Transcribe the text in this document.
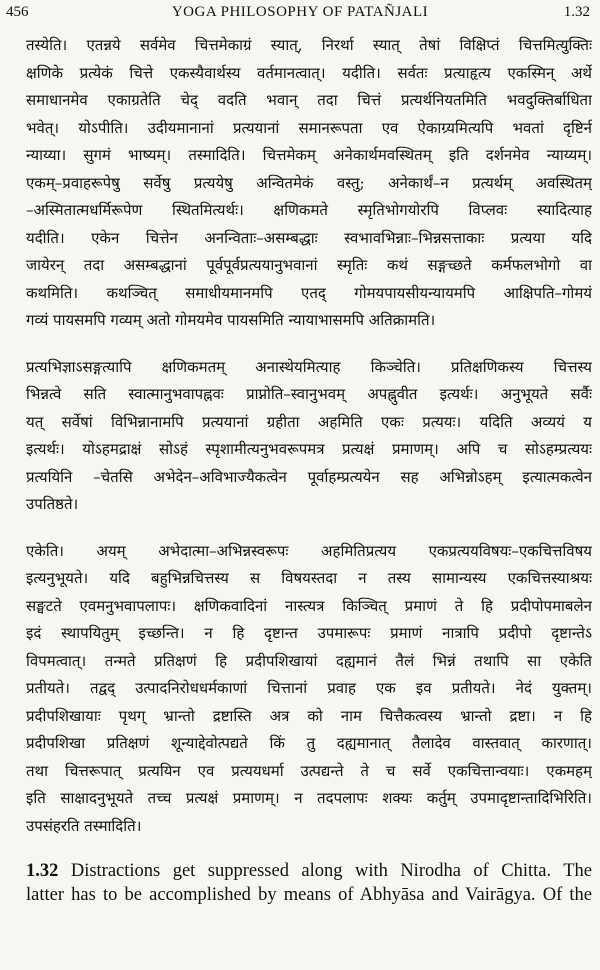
456	YOGA PHILOSOPHY OF PATAÑJALI	1.32
तस्येति। एतन्नये सर्वमेव चित्तमेकाग्रं स्यात्, निरर्था स्यात् तेषां विक्षिप्तं चित्तमित्युक्तिः
क्षणिके प्रत्येकं चित्ते एकस्यैवार्थस्य वर्तमानत्वात्। यदीति। सर्वतः प्रत्याहृत्य एकस्मिन् अर्थे
समाधानमेव एकाग्रतेति चेद् वदति भवान् तदा चित्तं प्रत्यर्थनियतमिति भवदुक्तिर्बाधिता
भवेत्। योऽपीति। उदीयमानानां प्रत्ययानां समानरूपता एव ऐकाग्र्यमित्यपि भवतां दृष्टिर्न
न्याय्या। सुगमं भाष्यम्। तस्मादिति। चित्तमेकम् अनेकार्थमवस्थितम् इति दर्शनमेव न्याय्यम्।
एकम्–प्रवाहरूपेषु सर्वेषु प्रत्ययेषु अन्वितमेकं वस्तु; अनेकार्थं–न प्रत्यर्थम् अवस्थितम्
–अस्मितात्मधर्मिरूपेण स्थितमित्यर्थः। क्षणिकमते स्मृतिभोगयोरपि विप्लवः स्यादित्याह
यदीति। एकेन चित्तेन अनन्विताः–असम्बद्धाः स्वभावभिन्नाः–भिन्नसत्ताकाः प्रत्यया यदि
जायेरन् तदा असम्बद्धानां पूर्वपूर्वप्रत्ययानुभवानां स्मृतिः कथं सङ्गच्छते कर्मफलभोगो वा
कथमिति। कथञ्चित् समाधीयमानमपि एतद् गोमयपायसीयन्यायमपि आक्षिपति–गोमयं
गव्यं पायसमपि गव्यम् अतो गोमयमेव पायसमिति न्यायाभासमपि अतिक्रामति।
प्रत्यभिज्ञाऽसङ्गत्यापि क्षणिकमतम् अनास्थेयमित्याह किञ्चेति। प्रतिक्षणिकस्य चित्तस्य
भिन्नत्वे सति स्वात्मानुभवापह्नवः प्राप्नोति–स्वानुभवम् अपह्नुवीत इत्यर्थः। अनुभूयते सर्वैः
यत् सर्वेषां विभिन्नानामपि प्रत्ययानां ग्रहीता अहमिति एकः प्रत्ययः। यदिति अव्ययं य
इत्यर्थः। योऽहमद्राक्षं सोऽहं स्पृशामीत्यनुभवरूपमत्र प्रत्यक्षं प्रमाणम्। अपि च सोऽहम्प्रत्ययः
प्रत्ययिनि –चेतसि अभेदेन–अविभाज्यैकत्वेन पूर्वाहम्प्रत्ययेन सह अभिन्नोऽहम् इत्यात्मकत्वेन
उपतिष्ठते।
एकेति। अयम् अभेदात्मा–अभिन्नस्वरूपः अहमितिप्रत्यय एकप्रत्ययविषयः–एकचित्तविषय
इत्यनुभूयते। यदि बहुभिन्नचित्तस्य स विषयस्तदा न तस्य सामान्यस्य एकचित्तस्याश्रयः
सङ्घटते एवमनुभवापलापः। क्षणिकवादिनां नास्त्यत्र किञ्चित् प्रमाणं ते हि प्रदीपोपमाबलेन
इदं स्थापयितुम् इच्छन्ति। न हि दृष्टान्त उपमारूपः प्रमाणं नात्रापि प्रदीपो दृष्टान्तेऽ
विपमत्वात्। तन्मते प्रतिक्षणं हि प्रदीपशिखायां दह्यमानं तैलं भिन्नं तथापि सा एकेति
प्रतीयते। तद्वद् उत्पादनिरोधधर्मकाणां चित्तानां प्रवाह एक इव प्रतीयते। नेदं युक्तम्।
प्रदीपशिखायाः पृथग् भ्रान्तो द्रष्टास्ति अत्र को नाम चित्तैकत्वस्य भ्रान्तो द्रष्टा। न हि
प्रदीपशिखा प्रतिक्षणं शून्याद्देवोत्पद्यते किं तु दह्यमानात् तैलादेव वास्तवात् कारणात्।
तथा चित्तरूपात् प्रत्ययिन एव प्रत्ययधर्मा उत्पद्यन्ते ते च सर्वे एकचित्तान्वयाः। एकमहम्
इति साक्षादनुभूयते तच्च प्रत्यक्षं प्रमाणम्। न तदपलापः शक्यः कर्तुम् उपमादृष्टान्तादिभिरिति।
उपसंहरति तस्मादिति।
1.32 Distractions get suppressed along with Nirodha of Chitta. The
latter has to be accomplished by means of Abhyāsa and Vairāgya. Of the
